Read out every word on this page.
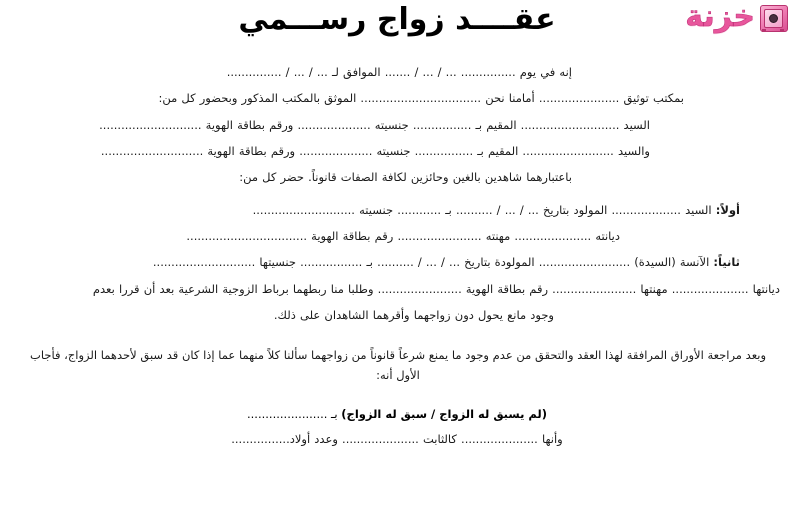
عقــــد زواج رســـمي	خزنة
إنه في يوم ............... ... / ... / ....... الموافق لـ ... / ... / ...............
بمكتب توثيق ...................... أمامنا نحن ................................. الموثق بالمكتب المذكور وبحضور كل من:
السيد ........................... المقيم بـ ................ جنسيته .................... ورقم بطاقة الهوية ............................
والسيد ......................... المقيم بـ ................ جنسيته .................... ورقم بطاقة الهوية ............................
باعتبارهما شاهدين بالغين وحائزين لكافة الصفات قانوناً. حضر كل من:
أولاً: السيد ................... المولود بتاريخ ... / ... / .......... بـ ............ جنسيته ............................
ديانته ..................... مهنته ....................... رقم بطاقة الهوية .................................
ثانياً: الآنسة (السيدة) ......................... المولودة بتاريخ ... / ... / .......... بـ ................. جنسيتها ............................
ديانتها ..................... مهنتها ....................... رقم بطاقة الهوية ....................... وطلبا منا ربطهما برباط الزوجية الشرعية بعد أن قررا بعدم
وجود مانع يحول دون زواجهما وأقرهما الشاهدان على ذلك.
وبعد مراجعة الأوراق المرافقة لهذا العقد والتحقق من عدم وجود ما يمنع شرعاً قانوناً من زواجهما سألنا كلاً منهما عما إذا كان قد سبق لأحدهما الزواج، فأجاب الأول أنه:
(لم يسبق له الزواج / سبق له الزواج) بـ ......................
وأنها ..................... كالثابت ..................... وعدد أولاد................
